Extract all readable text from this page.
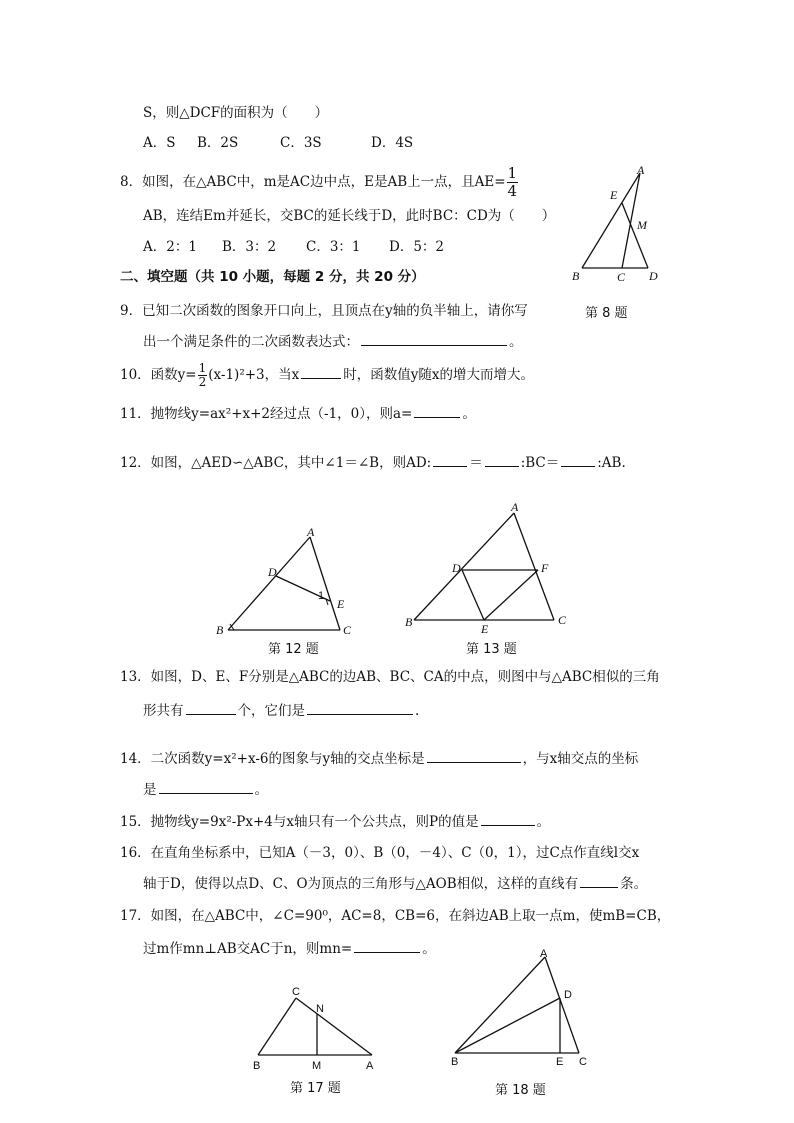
S，则△DCF的面积为（　　）
A．S B．2S	C．3S	D．4S
8．如图，在△ABC中，m是AC边中点，E是AB上一点，且$AE= \frac{1}{4}$
AB，连结Em并延长，交BC的延长线于D，此时BC：CD为（　　）
A．2：1 B．3：2 C．3：1 D．5：2
A
E
M
B	C D
二、填空题（共 10 小题，每题 2 分，共 20 分）
9．已知二次函数的图象开口向上，且顶点在y轴的负半轴上，请你写	第 8 题
出一个满足条件的二次函数表达式：	。
10．函数$y= \frac{1}{2} (x-1)^2+3$，当x	时，函数值y随x的增大而增大。
11．抛物线y=ax²+x+2经过点（-1，0），则a=	。
12．如图，△AED∽△ABC，其中∠1＝∠B，则AD:	＝	:BC＝	:AB.
A
D
1
E
B	C
第 12 题
A
D	F
B	E
C
第 13 题
13．如图，D、E、F分别是△ABC的边AB、BC、CA的中点，则图中与△ABC相似的三角
形共有	个，它们是	.
14．二次函数y=x²+x-6的图象与y轴的交点坐标是	，与x轴交点的坐标
是	。
15．抛物线y=9x²-Px+4与x轴只有一个公共点，则P的值是	。
16．在直角坐标系中，已知A（－3，0）、B（0，－4）、C（0，1），过C点作直线l交x
轴于D，使得以点D、C、O为顶点的三角形与△AOB相似，这样的直线有	条。
17．如图，在△ABC中，∠C=90⁰，AC=8，CB=6，在斜边AB上取一点m，使mB=CB，
过m作mn⊥AB交AC于n，则mn=	。
C
N
B	M	A
第 17 题
A
D
B	E C
第 18 题
